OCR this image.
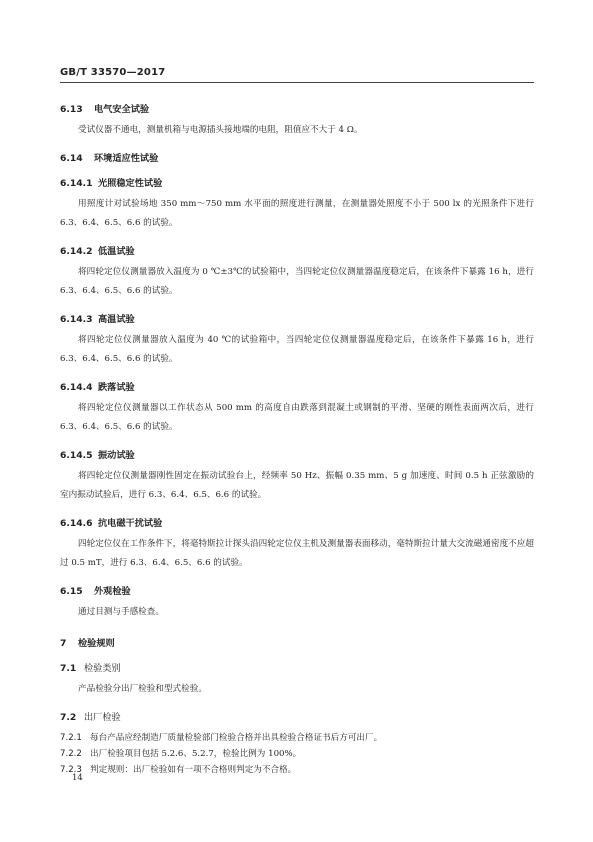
GB/T 33570—2017
6.13 电气安全试验

受试仪器不通电，测量机箱与电源插头接地端的电阻，阻值应不大于 4 Ω。

6.14 环境适应性试验
6.14.1 光照稳定性试验

用照度计对试验场地 350 mm～750 mm 水平面的照度进行测量，在测量器处照度不小于 500 lx 的光照条件下进行 6.3、6.4、6.5、6.6 的试验。

6.14.2 低温试验

将四轮定位仪测量器放入温度为 0 ℃±3℃的试验箱中，当四轮定位仪测量器温度稳定后，在该条件下暴露 16 h，进行 6.3、6.4、6.5、6.6 的试验。

6.14.3 高温试验

将四轮定位仪测量器放入温度为 40 ℃的试验箱中，当四轮定位仪测量器温度稳定后，在该条件下暴露 16 h，进行 6.3、6.4、6.5、6.6 的试验。

6.14.4 跌落试验

将四轮定位仪测量器以工作状态从 500 mm 的高度自由跌落到混凝土或钢制的平滑、坚硬的刚性表面两次后，进行 6.3、6.4、6.5、6.6 的试验。

6.14.5 振动试验

将四轮定位仪测量器刚性固定在振动试验台上，经频率 50 Hz、振幅 0.35 mm、5 g 加速度、时间 0.5 h 正弦激励的室内振动试验后，进行 6.3、6.4、6.5、6.6 的试验。

6.14.6 抗电磁干扰试验

四轮定位仪在工作条件下，将毫特斯拉计探头沿四轮定位仪主机及测量器表面移动，毫特斯拉计量大交流磁通密度不应超过 0.5 mT，进行 6.3、6.4、6.5、6.6 的试验。

6.15 外观检验

通过目测与手感检查。

7 检验规则
7.1 检验类别

产品检验分出厂检验和型式检验。

7.2 出厂检验
7.2.1 每台产品应经制造厂质量检验部门检验合格并出具检验合格证书后方可出厂。
7.2.2 出厂检验项目包括 5.2.6、5.2.7，检验比例为 100%。
7.2.3 判定规则：出厂检验如有一项不合格则判定为不合格。
14
